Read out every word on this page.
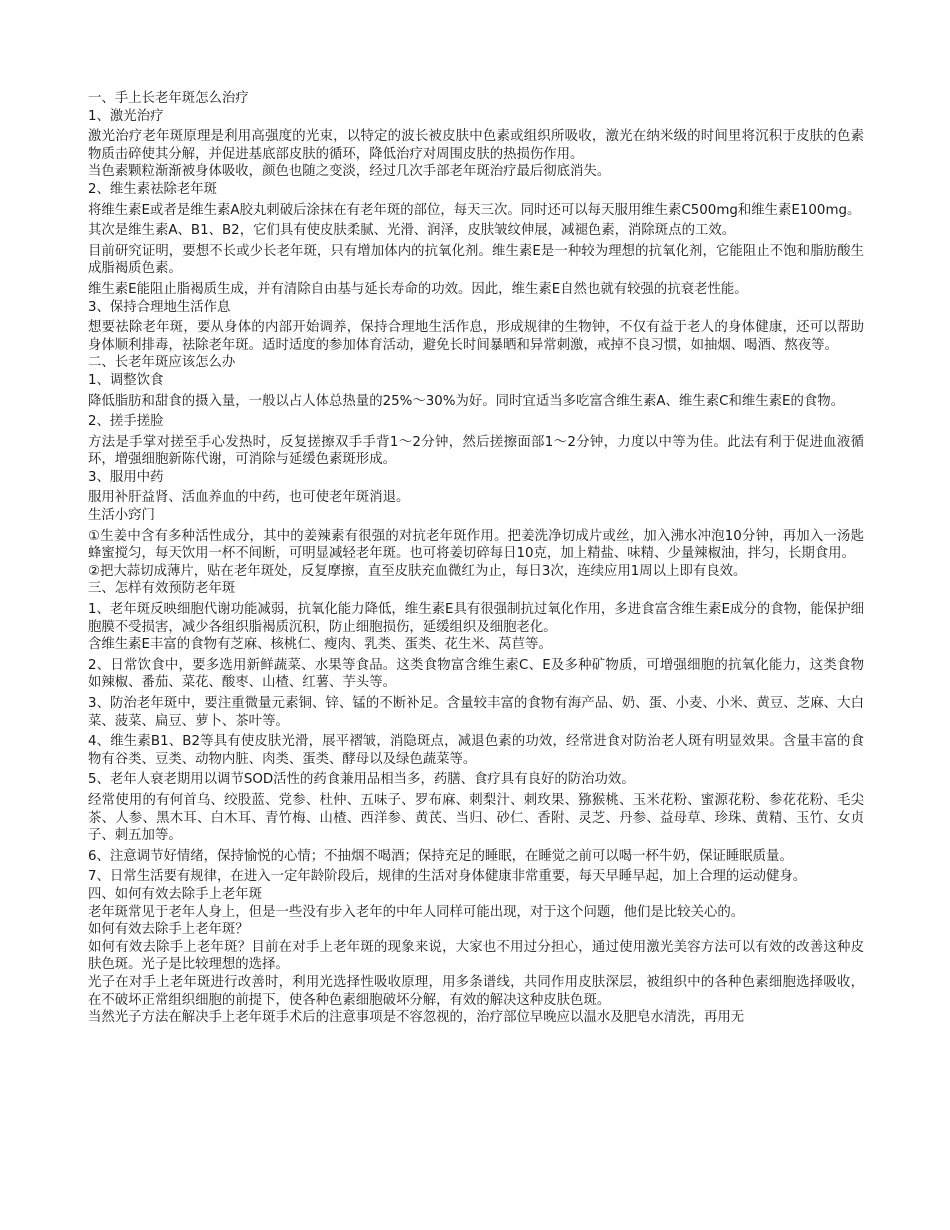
一、手上长老年斑怎么治疗

1、激光治疗

激光治疗老年斑原理是利用高强度的光束，以特定的波长被皮肤中色素或组织所吸收，激光在纳米级的时间里将沉积于皮肤的色素物质击碎使其分解，并促进基底部皮肤的循环，降低治疗对周围皮肤的热损伤作用。

当色素颗粒渐渐被身体吸收，颜色也随之变淡，经过几次手部老年斑治疗最后彻底消失。

2、维生素祛除老年斑

将维生素E或者是维生素A胶丸刺破后涂抹在有老年斑的部位，每天三次。同时还可以每天服用维生素C500mg和维生素E100mg。

其次是维生素A、B1、B2，它们具有使皮肤柔腻、光滑、润泽，皮肤皱纹伸展，减褪色素，消除斑点的工效。

目前研究证明，要想不长或少长老年斑，只有增加体内的抗氧化剂。维生素E是一种较为理想的抗氧化剂，它能阻止不饱和脂肪酸生成脂褐质色素。

维生素E能阻止脂褐质生成，并有清除自由基与延长寿命的功效。因此，维生素E自然也就有较强的抗衰老性能。

3、保持合理地生活作息

想要祛除老年斑，要从身体的内部开始调养，保持合理地生活作息，形成规律的生物钟，不仅有益于老人的身体健康，还可以帮助身体顺利排毒，祛除老年斑。适时适度的参加体育活动，避免长时间暴晒和异常刺激，戒掉不良习惯，如抽烟、喝酒、熬夜等。

二、长老年斑应该怎么办

1、调整饮食

降低脂肪和甜食的摄入量，一般以占人体总热量的25%～30%为好。同时宜适当多吃富含维生素A、维生素C和维生素E的食物。

2、搓手搓脸

方法是手掌对搓至手心发热时，反复搓擦双手手背1～2分钟，然后搓擦面部1～2分钟，力度以中等为佳。此法有利于促进血液循环，增强细胞新陈代谢，可消除与延缓色素斑形成。

3、服用中药

服用补肝益肾、活血养血的中药，也可使老年斑消退。

生活小窍门

①生姜中含有多种活性成分，其中的姜辣素有很强的对抗老年斑作用。把姜洗净切成片或丝，加入沸水冲泡10分钟，再加入一汤匙蜂蜜搅匀，每天饮用一杯不间断，可明显减轻老年斑。也可将姜切碎每日10克，加上精盐、味精、少量辣椒油，拌匀，长期食用。

②把大蒜切成薄片，贴在老年斑处，反复摩擦，直至皮肤充血微红为止，每日3次，连续应用1周以上即有良效。

三、怎样有效预防老年斑

1、老年斑反映细胞代谢功能减弱，抗氧化能力降低，维生素E具有很强制抗过氧化作用，多进食富含维生素E成分的食物，能保护细胞膜不受损害，减少各组织脂褐质沉积，防止细胞损伤，延缓组织及细胞老化。

含维生素E丰富的食物有芝麻、核桃仁、瘦肉、乳类、蛋类、花生米、莴苣等。

2、日常饮食中，要多选用新鲜蔬菜、水果等食品。这类食物富含维生素C、E及多种矿物质，可增强细胞的抗氧化能力，这类食物如辣椒、番茄、菜花、酸枣、山楂、红薯、芋头等。

3、防治老年斑中，要注重微量元素铜、锌、锰的不断补足。含量较丰富的食物有海产品、奶、蛋、小麦、小米、黄豆、芝麻、大白菜、菠菜、扁豆、萝卜、茶叶等。

4、维生素B1、B2等具有使皮肤光滑，展平褶皱，消隐斑点，减退色素的功效，经常进食对防治老人斑有明显效果。含量丰富的食物有谷类、豆类、动物内脏、肉类、蛋类、酵母以及绿色蔬菜等。

5、老年人衰老期用以调节SOD活性的药食兼用品相当多，药膳、食疗具有良好的防治功效。

经常使用的有何首乌、绞股蓝、党参、杜仲、五味子、罗布麻、刺梨汁、刺玫果、猕猴桃、玉米花粉、蜜源花粉、参花花粉、毛尖茶、人参、黑木耳、白木耳、青竹梅、山楂、西洋参、黄芪、当归、砂仁、香附、灵芝、丹参、益母草、珍珠、黄精、玉竹、女贞子、刺五加等。

6、注意调节好情绪，保持愉悦的心情；不抽烟不喝酒；保持充足的睡眠，在睡觉之前可以喝一杯牛奶，保证睡眠质量。

7、日常生活要有规律，在进入一定年龄阶段后，规律的生活对身体健康非常重要，每天早睡早起，加上合理的运动健身。

四、如何有效去除手上老年斑

老年斑常见于老年人身上，但是一些没有步入老年的中年人同样可能出现，对于这个问题，他们是比较关心的。

如何有效去除手上老年斑？

如何有效去除手上老年斑？目前在对手上老年斑的现象来说，大家也不用过分担心，通过使用激光美容方法可以有效的改善这种皮肤色斑。光子是比较理想的选择。

光子在对手上老年斑进行改善时，利用光选择性吸收原理，用多条谱线，共同作用皮肤深层，被组织中的各种色素细胞选择吸收，在不破坏正常组织细胞的前提下，使各种色素细胞破坏分解，有效的解决这种皮肤色斑。

当然光子方法在解决手上老年斑手术后的注意事项是不容忽视的，治疗部位早晚应以温水及肥皂水清洗，再用无
